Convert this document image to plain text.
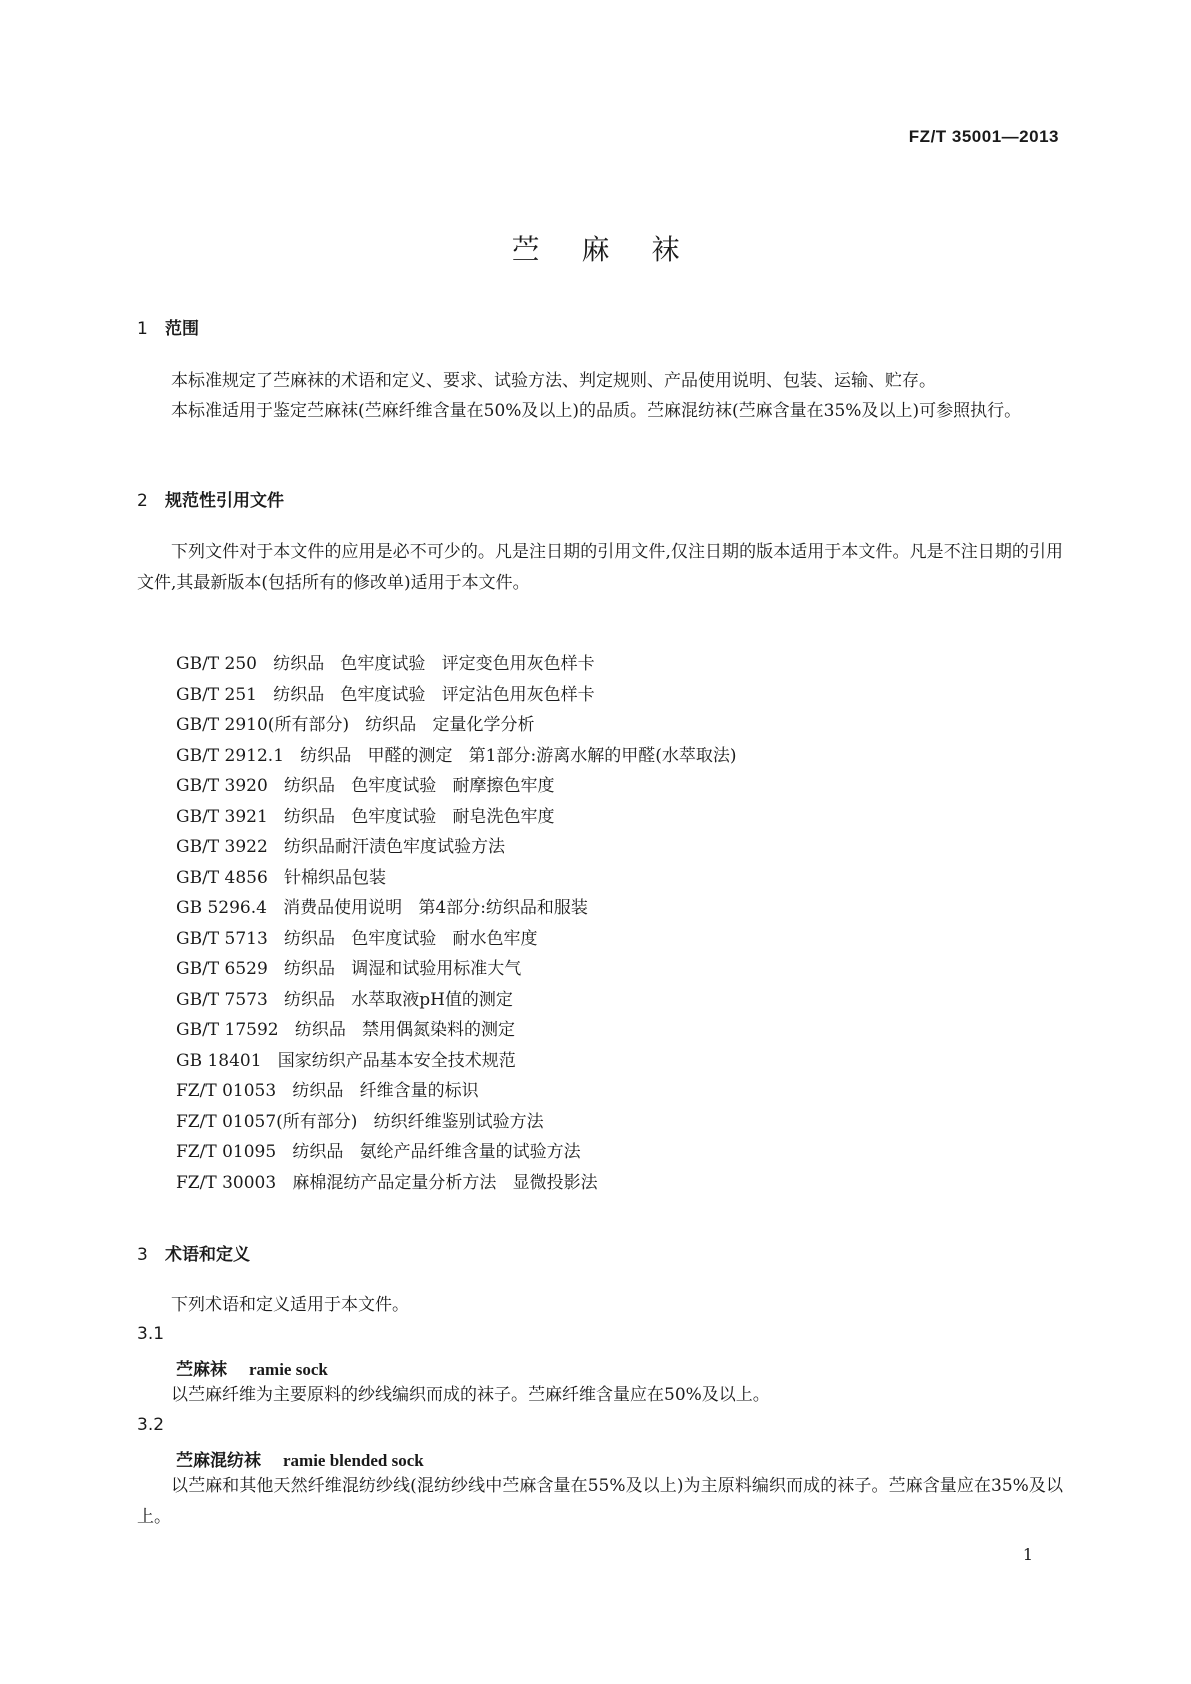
FZ/T 35001—2013
苎麻袜
1 范围
本标准规定了苎麻袜的术语和定义、要求、试验方法、判定规则、产品使用说明、包装、运输、贮存。
本标准适用于鉴定苎麻袜(苎麻纤维含量在50%及以上)的品质。苎麻混纺袜(苎麻含量在35%及以上)可参照执行。
2 规范性引用文件
下列文件对于本文件的应用是必不可少的。凡是注日期的引用文件,仅注日期的版本适用于本文件。凡是不注日期的引用文件,其最新版本(包括所有的修改单)适用于本文件。
GB/T 250   纺织品   色牢度试验   评定变色用灰色样卡
GB/T 251   纺织品   色牢度试验   评定沾色用灰色样卡
GB/T 2910(所有部分)   纺织品   定量化学分析
GB/T 2912.1   纺织品   甲醛的测定   第1部分:游离水解的甲醛(水萃取法)
GB/T 3920   纺织品   色牢度试验   耐摩擦色牢度
GB/T 3921   纺织品   色牢度试验   耐皂洗色牢度
GB/T 3922   纺织品耐汗渍色牢度试验方法
GB/T 4856   针棉织品包装
GB 5296.4   消费品使用说明   第4部分:纺织品和服装
GB/T 5713   纺织品   色牢度试验   耐水色牢度
GB/T 6529   纺织品   调湿和试验用标准大气
GB/T 7573   纺织品   水萃取液pH值的测定
GB/T 17592   纺织品   禁用偶氮染料的测定
GB 18401   国家纺织产品基本安全技术规范
FZ/T 01053   纺织品   纤维含量的标识
FZ/T 01057(所有部分)   纺织纤维鉴别试验方法
FZ/T 01095   纺织品   氨纶产品纤维含量的试验方法
FZ/T 30003   麻棉混纺产品定量分析方法   显微投影法
3 术语和定义
下列术语和定义适用于本文件。
3.1
苎麻袜 ramie sock
以苎麻纤维为主要原料的纱线编织而成的袜子。苎麻纤维含量应在50%及以上。
3.2
苎麻混纺袜 ramie blended sock
以苎麻和其他天然纤维混纺纱线(混纺纱线中苎麻含量在55%及以上)为主原料编织而成的袜子。苎麻含量应在35%及以上。
1
